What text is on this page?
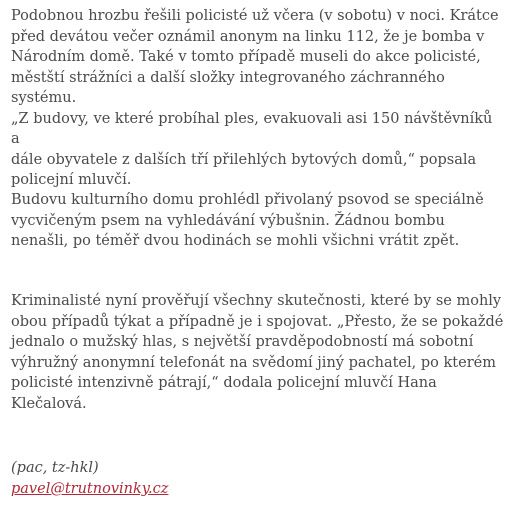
Podobnou hrozbu řešili policisté už včera (v sobotu) v noci. Krátce
před devátou večer oznámil anonym na linku 112, že je bomba v
Národním domě. Také v tomto případě museli do akce policisté,
městští strážníci a další složky integrovaného záchranného systému.
„Z budovy, ve které probíhal ples, evakuovali asi 150 návštěvníků a
dále obyvatele z dalších tří přilehlých bytových domů,“ popsala
policejní mluvčí.

Budovu kulturního domu prohlédl přivolaný psovod se speciálně
vycvičeným psem na vyhledávání výbušnin. Žádnou bombu
nenašli, po téměř dvou hodinách se mohli všichni vrátit zpět.

Kriminalisté nyní prověřují všechny skutečnosti, které by se mohly
obou případů týkat a případně je i spojovat. „Přesto, že se pokaždé
jednalo o mužský hlas, s největší pravděpodobností má sobotní
výhružný anonymní telefonát na svědomí jiný pachatel, po kterém
policisté intenzivně pátrají,“ dodala policejní mluvčí Hana
Klečalová.

(pac, tz-hkl)
pavel@trutnovinky.cz
